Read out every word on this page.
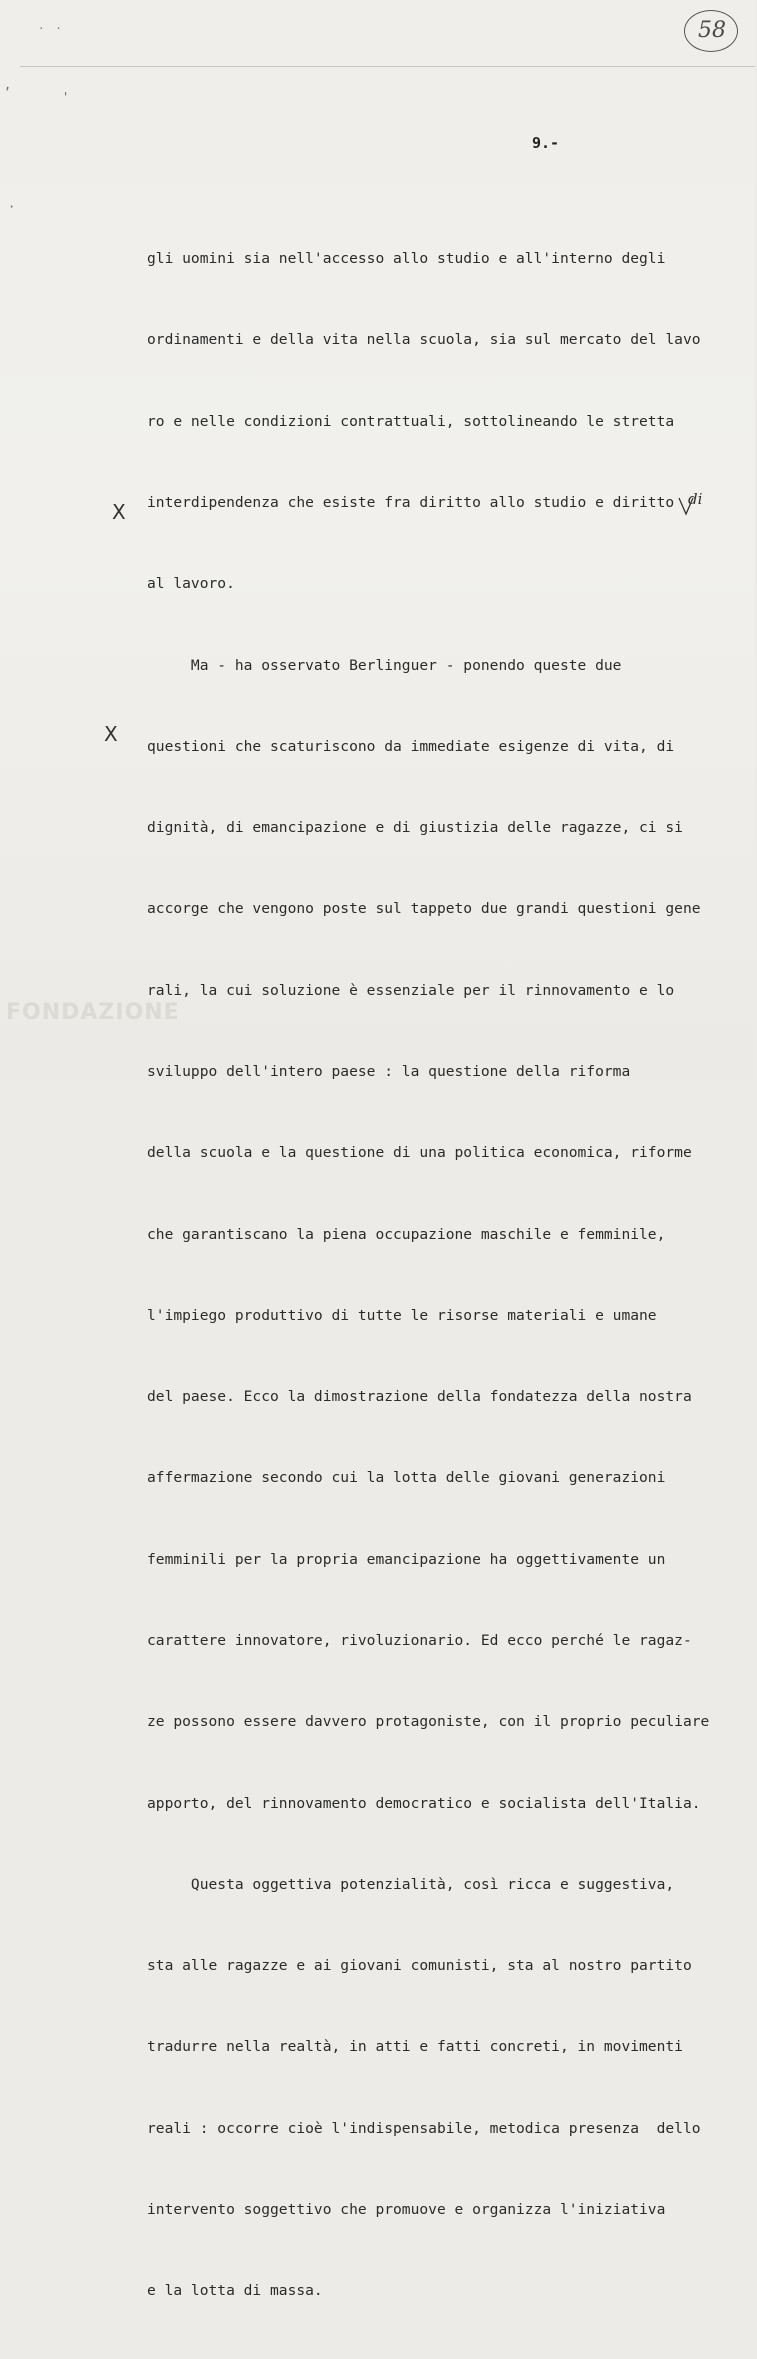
· ·
,
'
·
58
9.-

gli uomini sia nell'accesso allo studio e all'interno degli

ordinamenti e della vita nella scuola, sia sul mercato del lavo

ro e nelle condizioni contrattuali, sottolineando le stretta

interdipendenza che esiste fra diritto allo studio e diritto

al lavoro.

Ma - ha osservato Berlinguer - ponendo queste due

questioni che scaturiscono da immediate esigenze di vita, di

dignità, di emancipazione e di giustizia delle ragazze, ci si

accorge che vengono poste sul tappeto due grandi questioni gene

rali, la cui soluzione è essenziale per il rinnovamento e lo

sviluppo dell'intero paese : la questione della riforma

della scuola e la questione di una politica economica, riforme

che garantiscano la piena occupazione maschile e femminile,

l'impiego produttivo di tutte le risorse materiali e umane

del paese. Ecco la dimostrazione della fondatezza della nostra

affermazione secondo cui la lotta delle giovani generazioni

femminili per la propria emancipazione ha oggettivamente un

carattere innovatore, rivoluzionario. Ed ecco perché le ragaz-

ze possono essere davvero protagoniste, con il proprio peculiare

apporto, del rinnovamento democratico e socialista dell'Italia.

Questa oggettiva potenzialità, così ricca e suggestiva,

sta alle ragazze e ai giovani comunisti, sta al nostro partito

tradurre nella realtà, in atti e fatti concreti, in movimenti

reali : occorre cioè l'indispensabile, metodica presenza  dello

intervento soggettivo che promuove e organizza l'iniziativa

e la lotta di massa.

X
X
di
FONDAZIONE
